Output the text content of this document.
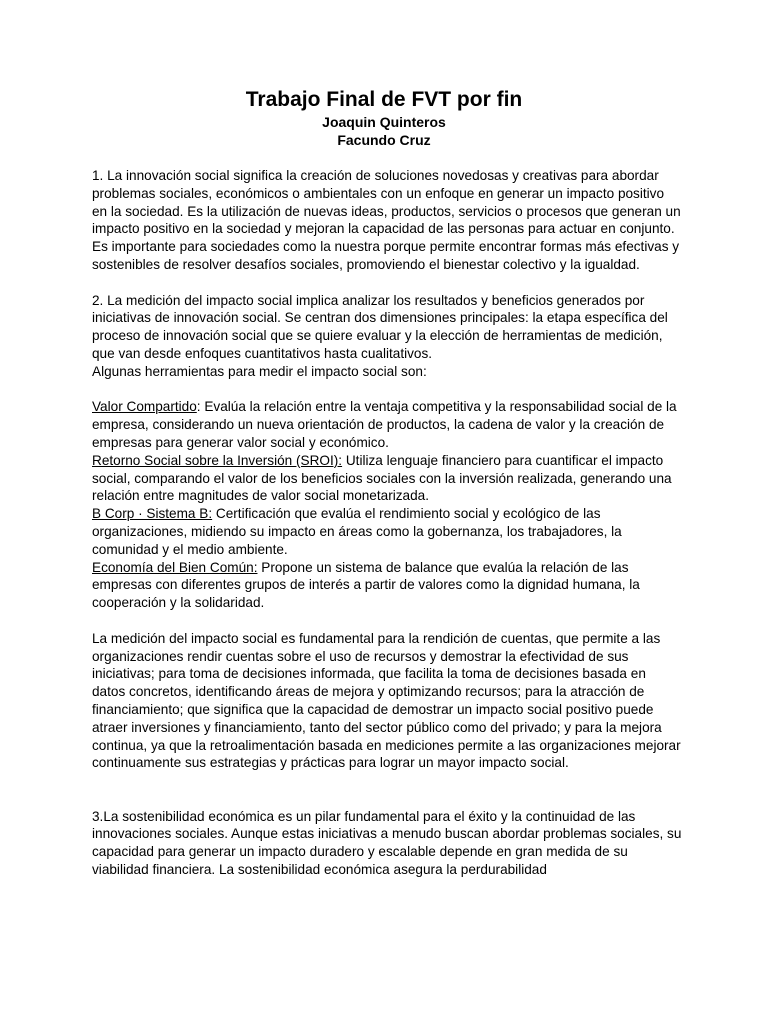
Trabajo Final de FVT por fin
Joaquin Quinteros
Facundo Cruz

1. La innovación social significa la creación de soluciones novedosas y creativas para abordar problemas sociales, económicos o ambientales con un enfoque en generar un impacto positivo en la sociedad. Es la utilización de nuevas ideas, productos, servicios o procesos que generan un impacto positivo en la sociedad y mejoran la capacidad de las personas para actuar en conjunto. Es importante para sociedades como la nuestra porque permite encontrar formas más efectivas y sostenibles de resolver desafíos sociales, promoviendo el bienestar colectivo y la igualdad.

2. La medición del impacto social implica analizar los resultados y beneficios generados por iniciativas de innovación social. Se centran dos dimensiones principales: la etapa específica del proceso de innovación social que se quiere evaluar y la elección de herramientas de medición, que van desde enfoques cuantitativos hasta cualitativos.

Algunas herramientas para medir el impacto social son:

Valor Compartido: Evalúa la relación entre la ventaja competitiva y la responsabilidad social de la empresa, considerando un nueva orientación de productos, la cadena de valor y la creación de empresas para generar valor social y económico.

Retorno Social sobre la Inversión (SROI): Utiliza lenguaje financiero para cuantificar el impacto social, comparando el valor de los beneficios sociales con la inversión realizada, generando una relación entre magnitudes de valor social monetarizada.

B Corp · Sistema B: Certificación que evalúa el rendimiento social y ecológico de las organizaciones, midiendo su impacto en áreas como la gobernanza, los trabajadores, la comunidad y el medio ambiente.

Economía del Bien Común: Propone un sistema de balance que evalúa la relación de las empresas con diferentes grupos de interés a partir de valores como la dignidad humana, la cooperación y la solidaridad.

La medición del impacto social es fundamental para la rendición de cuentas, que permite a las organizaciones rendir cuentas sobre el uso de recursos y demostrar la efectividad de sus iniciativas; para toma de decisiones informada, que facilita la toma de decisiones basada en datos concretos, identificando áreas de mejora y optimizando recursos; para la atracción de financiamiento; que significa que la capacidad de demostrar un impacto social positivo puede atraer inversiones y financiamiento, tanto del sector público como del privado; y para la mejora continua, ya que la retroalimentación basada en mediciones permite a las organizaciones mejorar continuamente sus estrategias y prácticas para lograr un mayor impacto social.

3.La sostenibilidad económica es un pilar fundamental para el éxito y la continuidad de las innovaciones sociales. Aunque estas iniciativas a menudo buscan abordar problemas sociales, su capacidad para generar un impacto duradero y escalable depende en gran medida de su viabilidad financiera. La sostenibilidad económica asegura la perdurabilidad
